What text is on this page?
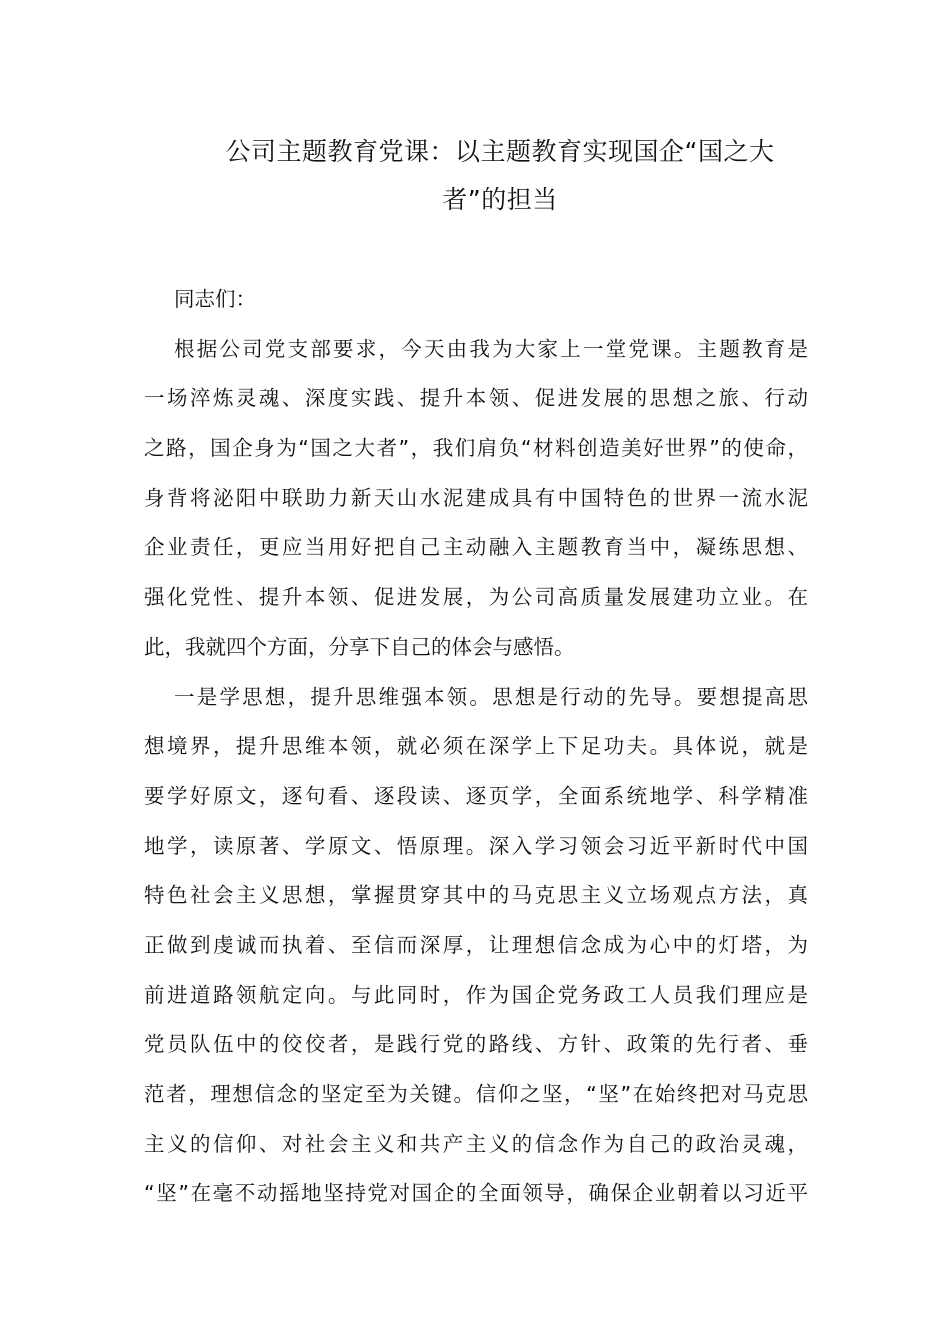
公司主题教育党课：以主题教育实现国企“国之大
者”的担当
同志们：
根据公司党支部要求，今天由我为大家上一堂党课。主题教育是
一场淬炼灵魂、深度实践、提升本领、促进发展的思想之旅、行动
之路，国企身为“国之大者”，我们肩负“材料创造美好世界”的使命，
身背将泌阳中联助力新天山水泥建成具有中国特色的世界一流水泥
企业责任，更应当用好把自己主动融入主题教育当中，凝练思想、
强化党性、提升本领、促进发展，为公司高质量发展建功立业。在
此，我就四个方面，分享下自己的体会与感悟。
一是学思想，提升思维强本领。思想是行动的先导。要想提高思
想境界，提升思维本领，就必须在深学上下足功夫。具体说，就是
要学好原文，逐句看、逐段读、逐页学，全面系统地学、科学精准
地学，读原著、学原文、悟原理。深入学习领会习近平新时代中国
特色社会主义思想，掌握贯穿其中的马克思主义立场观点方法，真
正做到虔诚而执着、至信而深厚，让理想信念成为心中的灯塔，为
前进道路领航定向。与此同时，作为国企党务政工人员我们理应是
党员队伍中的佼佼者，是践行党的路线、方针、政策的先行者、垂
范者，理想信念的坚定至为关键。信仰之坚，“坚”在始终把对马克思
主义的信仰、对社会主义和共产主义的信念作为自己的政治灵魂，
“坚”在毫不动摇地坚持党对国企的全面领导，确保企业朝着以习近平
